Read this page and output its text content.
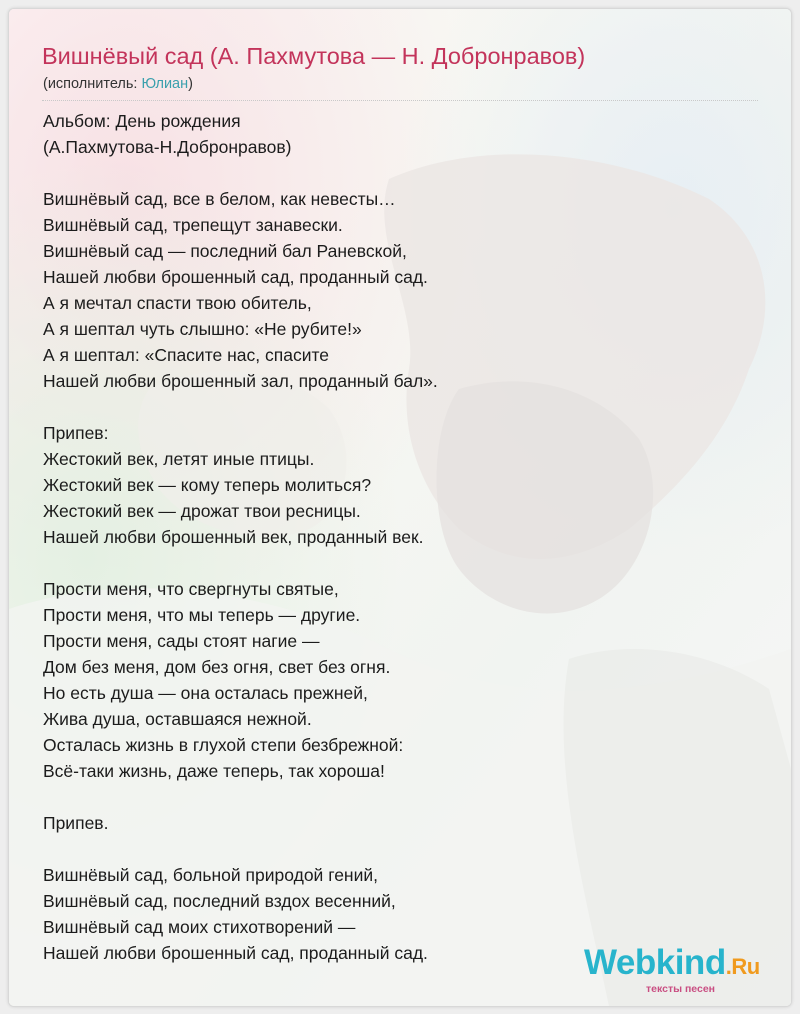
Вишнёвый сад (А. Пахмутова — Н. Добронравов)
(исполнитель: Юлиан)
Альбом: День рождения
(А.Пахмутова-Н.Добронравов)
Вишнёвый сад, все в белом, как невесты…
Вишнёвый сад, трепещут занавески.
Вишнёвый сад — последний бал Раневской,
Нашей любви брошенный сад, проданный сад.
А я мечтал спасти твою обитель,
А я шептал чуть слышно: «Не рубите!»
А я шептал: «Спасите нас, спасите
Нашей любви брошенный зал, проданный бал».
Припев:
Жестокий век, летят иные птицы.
Жестокий век — кому теперь молиться?
Жестокий век — дрожат твои ресницы.
Нашей любви брошенный век, проданный век.
Прости меня, что свергнуты святые,
Прости меня, что мы теперь — другие.
Прости меня, сады стоят нагие —
Дом без меня, дом без огня, свет без огня.
Но есть душа — она осталась прежней,
Жива душа, оставшаяся нежной.
Осталась жизнь в глухой степи безбрежной:
Всё-таки жизнь, даже теперь, так хороша!
Припев.
Вишнёвый сад, больной природой гений,
Вишнёвый сад, последний вздох весенний,
Вишнёвый сад моих стихотворений —
Нашей любви брошенный сад, проданный сад.	Webkind.Ru
тексты песен
